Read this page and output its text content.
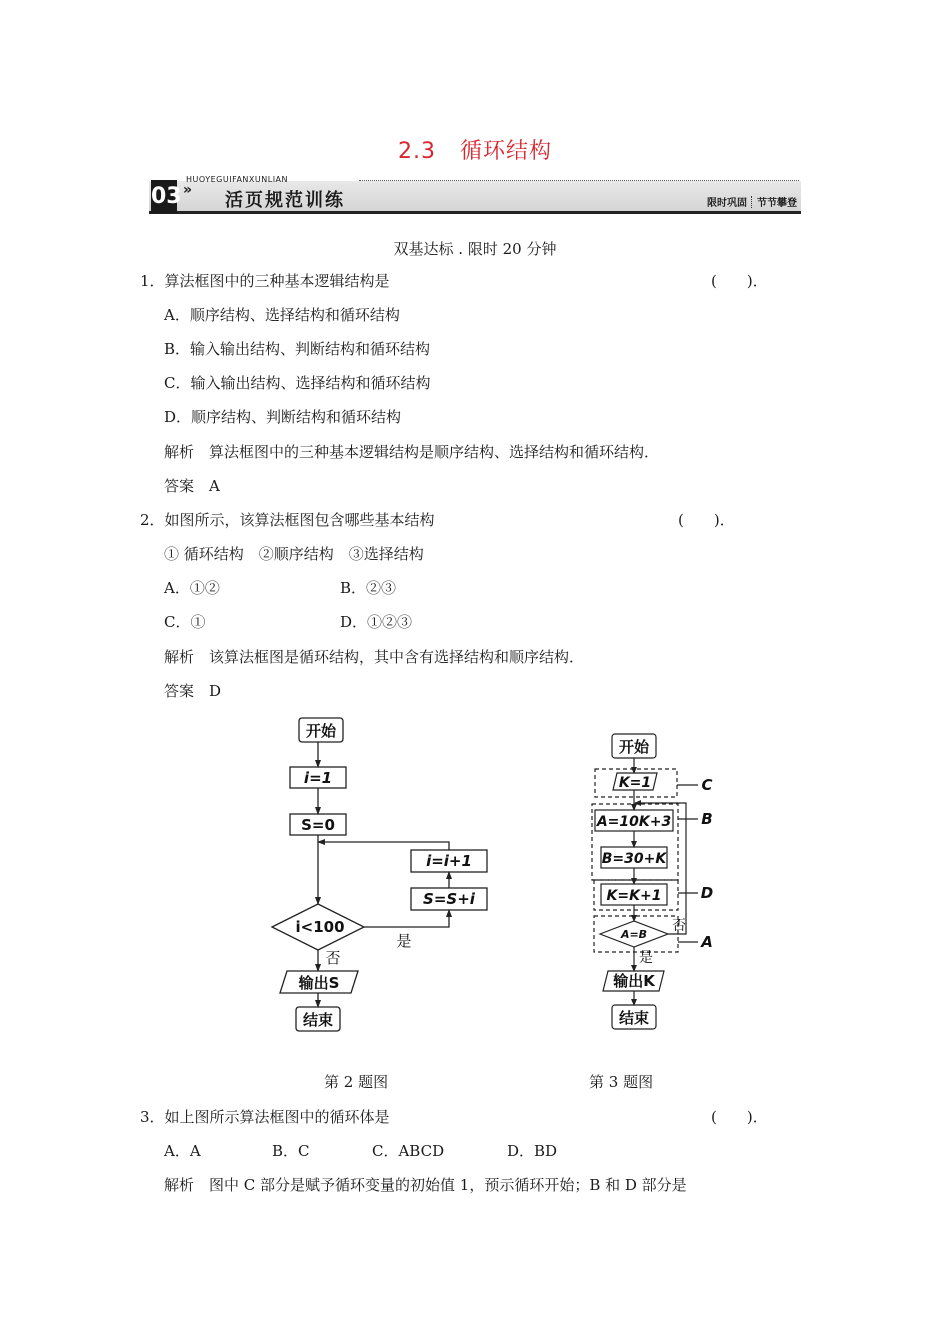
2.3 循环结构
HUOYEGUIFANXUNLIAN
03 » 活页规范训练	限时巩固 节节攀登
双基达标 . 限时 20 分钟
1．算法框图中的三种基本逻辑结构是	(　　)．
A．顺序结构、选择结构和循环结构
B．输入输出结构、判断结构和循环结构
C．输入输出结构、选择结构和循环结构
D．顺序结构、判断结构和循环结构
解析　算法框图中的三种基本逻辑结构是顺序结构、选择结构和循环结构．
答案　A
2．如图所示，该算法框图包含哪些基本结构	(　　)．
① 循环结构　②顺序结构　③选择结构
A．①②	B．②③
C．①	D．①②③
解析　该算法框图是循环结构，其中含有选择结构和顺序结构．
答案　D
开始
i=1
S=0
i<100
i=i+1
S=S+i
是
否
输出S
结束
开始
K=1
A=10K+3
B=30+K
K=K+1
A=B
否
是
输出K
结束
C
B
D
A
第 2 题图	第 3 题图
3．如上图所示算法框图中的循环体是	(　　)．
A．A	B．C	C．ABCD	D．BD
解析　图中 C 部分是赋予循环变量的初始值 1，预示循环开始；B 和 D 部分是
